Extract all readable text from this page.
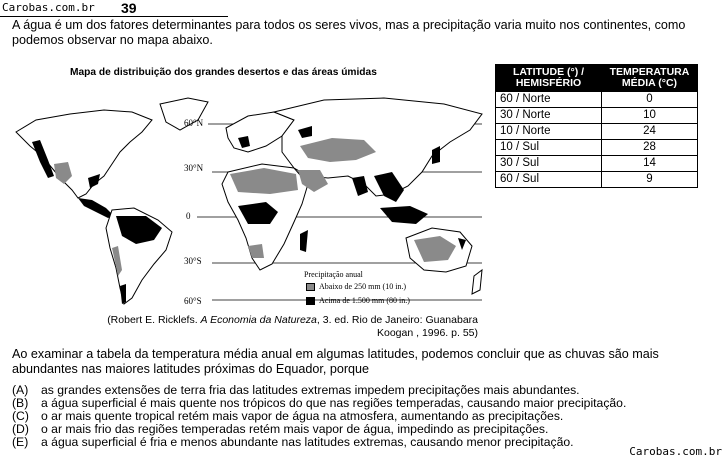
Carobas.com.br 39
A água é um dos fatores determinantes para todos os seres vivos, mas a precipitação varia muito nos continentes, como podemos observar no mapa abaixo.
Mapa de distribuição dos grandes desertos e das áreas úmidas
60°N
30°N
0
30°S
60°S
Precipitação anual
Abaixo de 250 mm (10 in.)
Acima de 1.500 mm (80 in.)
(Robert E. Ricklefs. A Economia da Natureza, 3. ed. Rio de Janeiro: Guanabara Koogan , 1996. p. 55)
LATITUDE (°) / HEMISFÉRIO	TEMPERATURA MÉDIA (°C)
60 / Norte	0
30 / Norte	10
10 / Norte	24
10 / Sul	28
30 / Sul	14
60 / Sul	9
Ao examinar a tabela da temperatura média anual em algumas latitudes, podemos concluir que as chuvas são mais abundantes nas maiores latitudes próximas do Equador, porque
(A)	as grandes extensões de terra fria das latitudes extremas impedem precipitações mais abundantes.
(B)	a água superficial é mais quente nos trópicos do que nas regiões temperadas, causando maior precipitação.
(C) o ar mais quente tropical retém mais vapor de água na atmosfera, aumentando as precipitações.
(D) o ar mais frio das regiões temperadas retém mais vapor de água, impedindo as precipitações.
(E)	a água superficial é fria e menos abundante nas latitudes extremas, causando menor precipitação.
Carobas.com.br
